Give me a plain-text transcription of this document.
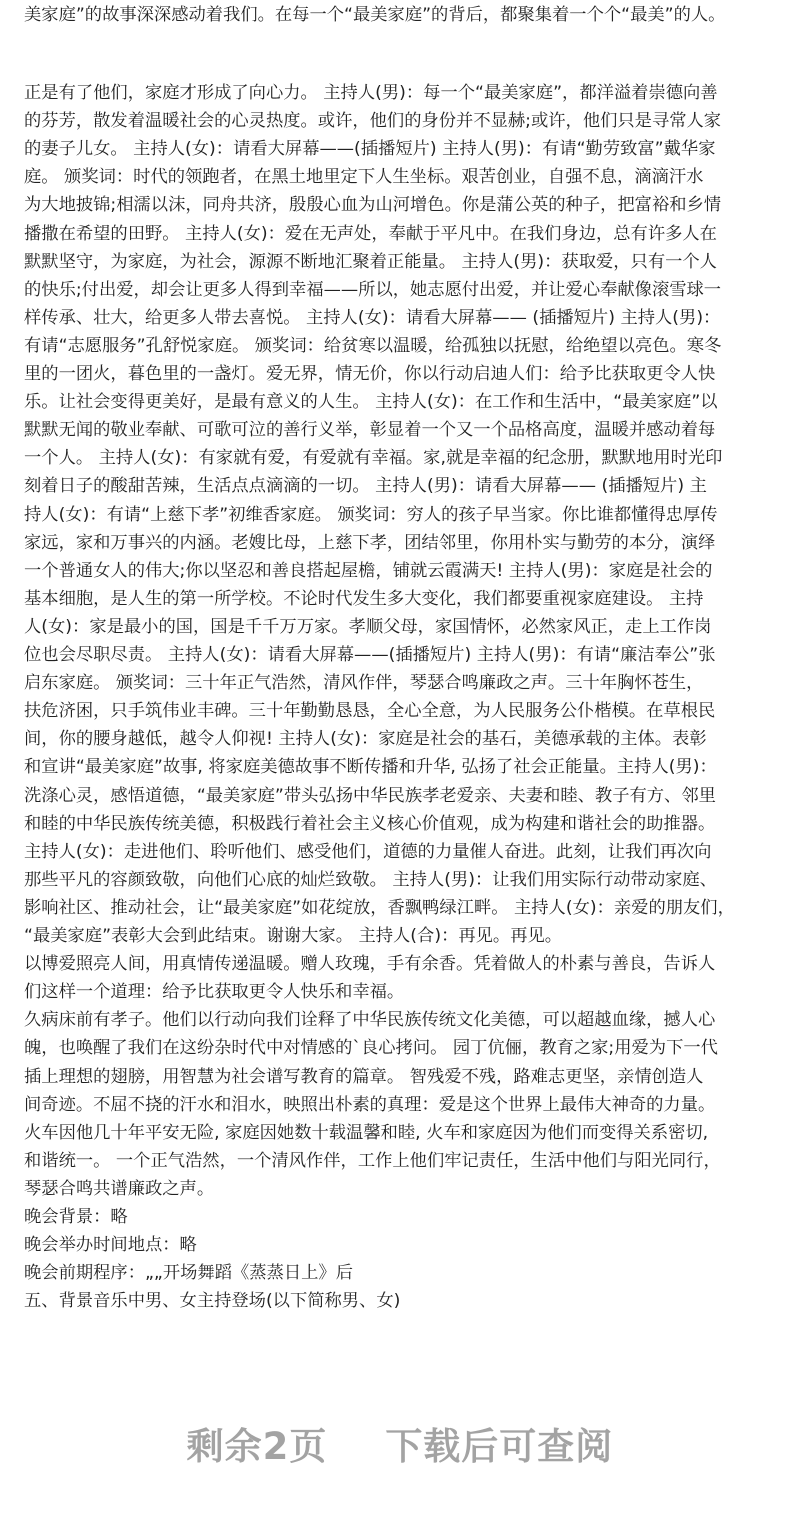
美家庭”的故事深深感动着我们。在每一个“最美家庭”的背后，都聚集着一个个“最美”的人。
正是有了他们，家庭才形成了向心力。 主持人(男)：每一个“最美家庭”，都洋溢着崇德向善
的芬芳，散发着温暖社会的心灵热度。或许，他们的身份并不显赫;或许，他们只是寻常人家
的妻子儿女。 主持人(女)：请看大屏幕——(插播短片) 主持人(男)：有请“勤劳致富”戴华家
庭。 颁奖词：时代的领跑者，在黑土地里定下人生坐标。艰苦创业，自强不息，滴滴汗水
为大地披锦;相濡以沫，同舟共济，殷殷心血为山河增色。你是蒲公英的种子，把富裕和乡情
播撒在希望的田野。 主持人(女)：爱在无声处，奉献于平凡中。在我们身边，总有许多人在
默默坚守，为家庭，为社会，源源不断地汇聚着正能量。 主持人(男)：获取爱，只有一个人
的快乐;付出爱，却会让更多人得到幸福——所以，她志愿付出爱，并让爱心奉献像滚雪球一
样传承、壮大，给更多人带去喜悦。 主持人(女)：请看大屏幕—— (插播短片) 主持人(男)：
有请“志愿服务”孔舒悦家庭。 颁奖词：给贫寒以温暖，给孤独以抚慰，给绝望以亮色。寒冬
里的一团火，暮色里的一盏灯。爱无界，情无价，你以行动启迪人们：给予比获取更令人快
乐。让社会变得更美好，是最有意义的人生。 主持人(女)：在工作和生活中，“最美家庭”以
默默无闻的敬业奉献、可歌可泣的善行义举，彰显着一个又一个品格高度，温暖并感动着每
一个人。 主持人(女)：有家就有爱，有爱就有幸福。家,就是幸福的纪念册，默默地用时光印
刻着日子的酸甜苦辣，生活点点滴滴的一切。 主持人(男)：请看大屏幕—— (插播短片) 主
持人(女)：有请“上慈下孝”初维香家庭。 颁奖词：穷人的孩子早当家。你比谁都懂得忠厚传
家远，家和万事兴的内涵。老嫂比母，上慈下孝，团结邻里，你用朴实与勤劳的本分，演绎
一个普通女人的伟大;你以坚忍和善良搭起屋檐，铺就云霞满天! 主持人(男)：家庭是社会的
基本细胞，是人生的第一所学校。不论时代发生多大变化，我们都要重视家庭建设。 主持
人(女)：家是最小的国，国是千千万万家。孝顺父母，家国情怀，必然家风正，走上工作岗
位也会尽职尽责。 主持人(女)：请看大屏幕——(插播短片) 主持人(男)：有请“廉洁奉公”张
启东家庭。 颁奖词：三十年正气浩然，清风作伴，琴瑟合鸣廉政之声。三十年胸怀苍生，
扶危济困，只手筑伟业丰碑。三十年勤勤恳恳，全心全意，为人民服务公仆楷模。在草根民
间，你的腰身越低，越令人仰视! 主持人(女)：家庭是社会的基石，美德承载的主体。表彰
和宣讲“最美家庭”故事, 将家庭美德故事不断传播和升华, 弘扬了社会正能量。主持人(男)：
洗涤心灵，感悟道德，“最美家庭”带头弘扬中华民族孝老爱亲、夫妻和睦、教子有方、邻里
和睦的中华民族传统美德，积极践行着社会主义核心价值观，成为构建和谐社会的助推器。
主持人(女)：走进他们、聆听他们、感受他们，道德的力量催人奋进。此刻，让我们再次向
那些平凡的容颜致敬，向他们心底的灿烂致敬。 主持人(男)：让我们用实际行动带动家庭、
影响社区、推动社会，让“最美家庭”如花绽放，香飘鸭绿江畔。 主持人(女)：亲爱的朋友们，
“最美家庭”表彰大会到此结束。谢谢大家。 主持人(合)：再见。再见。
以博爱照亮人间，用真情传递温暖。赠人玫瑰，手有余香。凭着做人的朴素与善良，告诉人
们这样一个道理：给予比获取更令人快乐和幸福。
久病床前有孝子。他们以行动向我们诠释了中华民族传统文化美德，可以超越血缘，撼人心
魄，也唤醒了我们在这纷杂时代中对情感的`良心拷问。 园丁伉俪，教育之家;用爱为下一代
插上理想的翅膀，用智慧为社会谱写教育的篇章。 智残爱不残，路难志更坚，亲情创造人
间奇迹。不屈不挠的汗水和泪水，映照出朴素的真理：爱是这个世界上最伟大神奇的力量。
火车因他几十年平安无险, 家庭因她数十载温馨和睦, 火车和家庭因为他们而变得关系密切,
和谐统一。 一个正气浩然，一个清风作伴，工作上他们牢记责任，生活中他们与阳光同行，
琴瑟合鸣共谱廉政之声。
晚会背景：略
晚会举办时间地点：略
晚会前期程序：„„开场舞蹈《蒸蒸日上》后
五、背景音乐中男、女主持登场(以下简称男、女)
剩余2页 下载后可查阅
